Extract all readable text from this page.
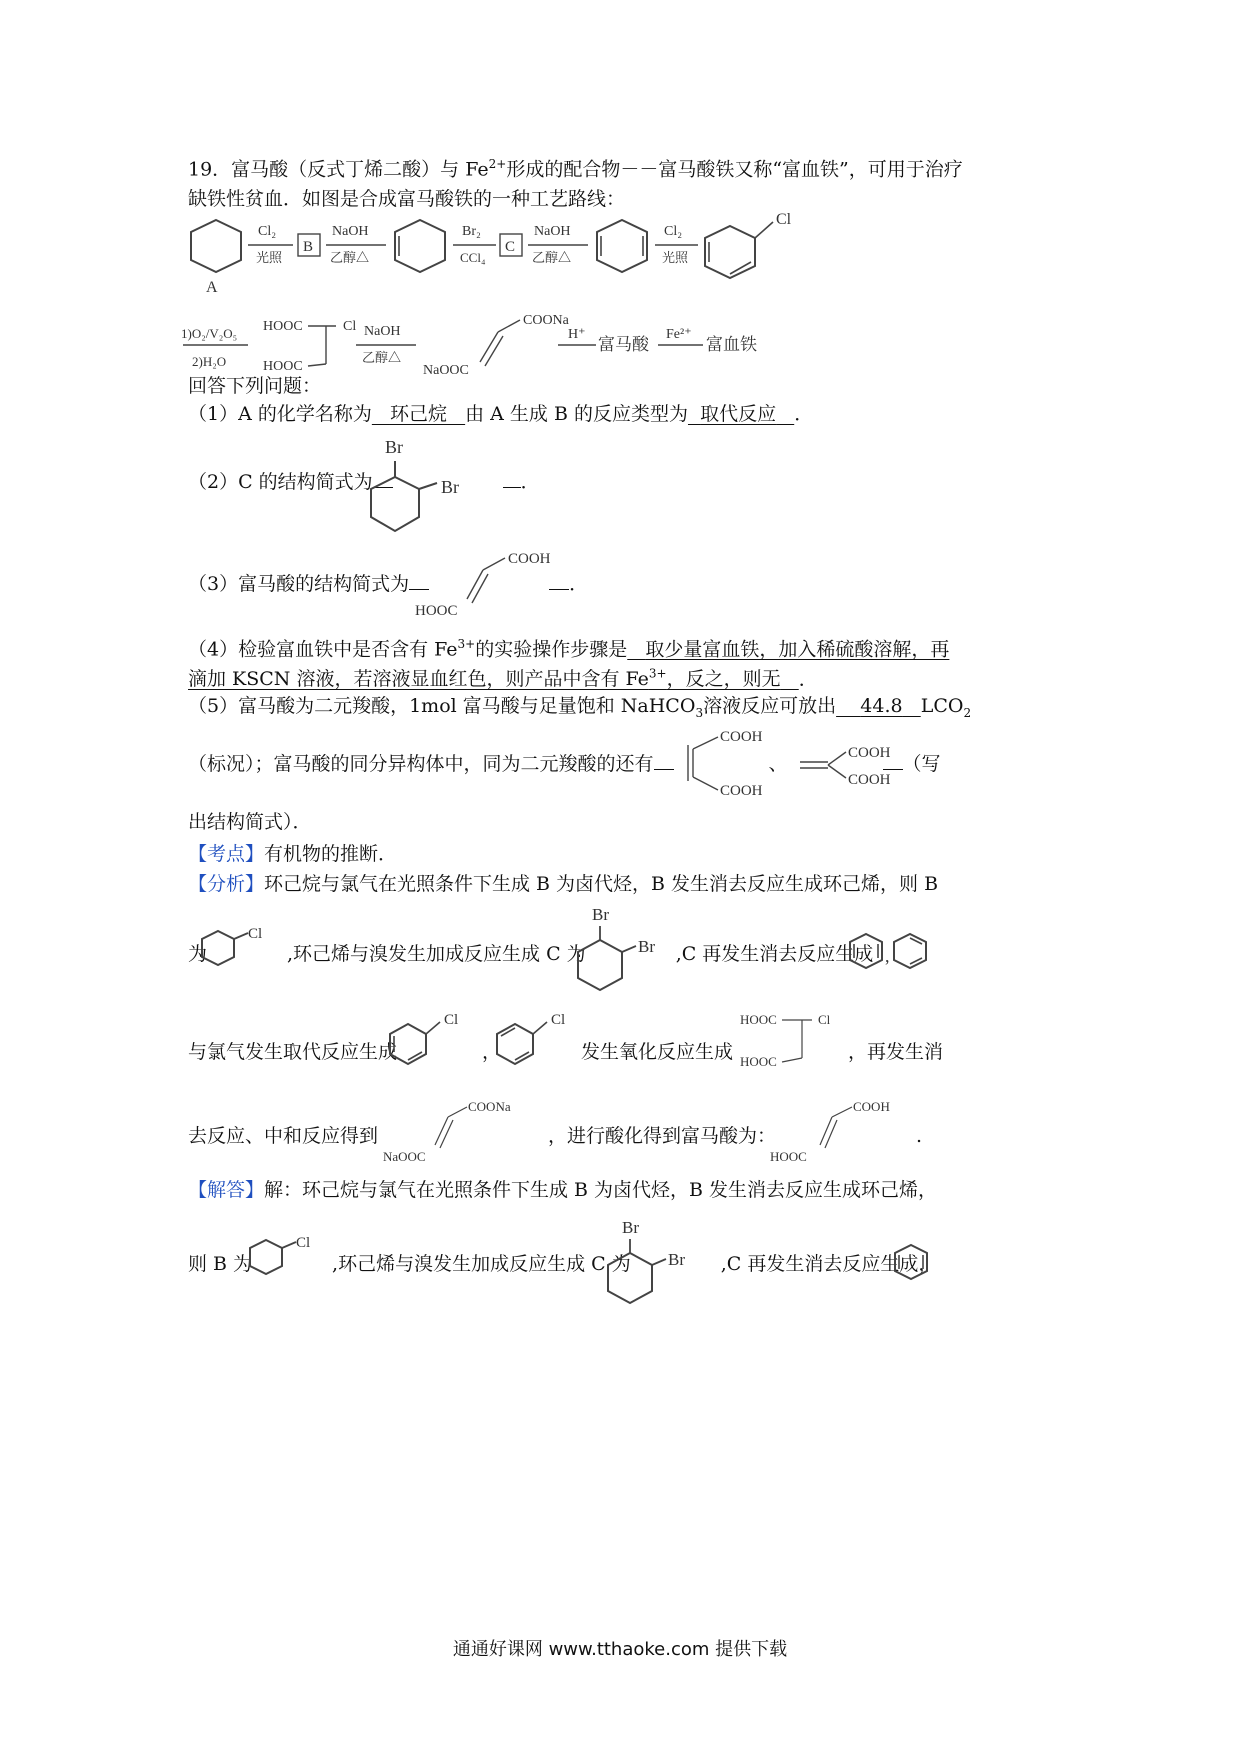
19．富马酸（反式丁烯二酸）与 $Fe^{2+}$形成的配合物－－富马酸铁又称“富血铁”，可用于治疗
缺铁性贫血．如图是合成富马酸铁的一种工艺路线：
A
Cl₂
光照
B
NaOH
乙醇△
Br₂
CCl₄
C
NaOH
乙醇△
Cl₂
光照
Cl
1)O₂/V₂O₅
2)H₂O
HOOC	Cl
HOOC
NaOH
乙醇△
COONa
NaOOC
H⁺
富马酸
Fe²⁺
富血铁
回答下列问题：
（1）A 的化学名称为 环己烷 由 A 生成 B 的反应类型为 取代反应 ．
（2）C 的结构简式为	．
Br
Br
（3）富马酸的结构简式为	．
COOH
HOOC
（4）检验富血铁中是否含有 $Fe^{3+}$的实验操作步骤是 取少量富血铁，加入稀硫酸溶解，再
滴加 KSCN 溶液，若溶液显血红色，则产品中含有 $Fe^{3+}$，反之，则无 ．
（5）富马酸为二元羧酸，1mol 富马酸与足量饱和 NaHCO$_3$溶液反应可放出 44.8 $LCO_2$
（标况）；富马酸的同分异构体中，同为二元羧酸的还有	、	（写
COOH
COOH
COOH
COOH
出结构简式）．
【考点】有机物的推断．
【分析】环己烷与氯气在光照条件下生成 B 为卤代烃，B 发生消去反应生成环己烯，则 B
为	,环己烯与溴发生加成反应生成 C 为	,C 再发生消去反应生成
Cl
Br
Br	,
与氯气发生取代反应生成	，	发生氧化反应生成	，再发生消
Cl	Cl	HOOC	Cl
HOOC
去反应、中和反应得到	，进行酸化得到富马酸为：	.
COONa
NaOOC
COOH
HOOC
【解答】解：环己烷与氯气在光照条件下生成 B 为卤代烃，B 发生消去反应生成环己烯，
则 B 为	,环己烯与溴发生加成反应生成 C 为	,C 再发生消去反应生成，
Cl
Br
Br
通通好课网 www.tthaoke.com 提供下载
